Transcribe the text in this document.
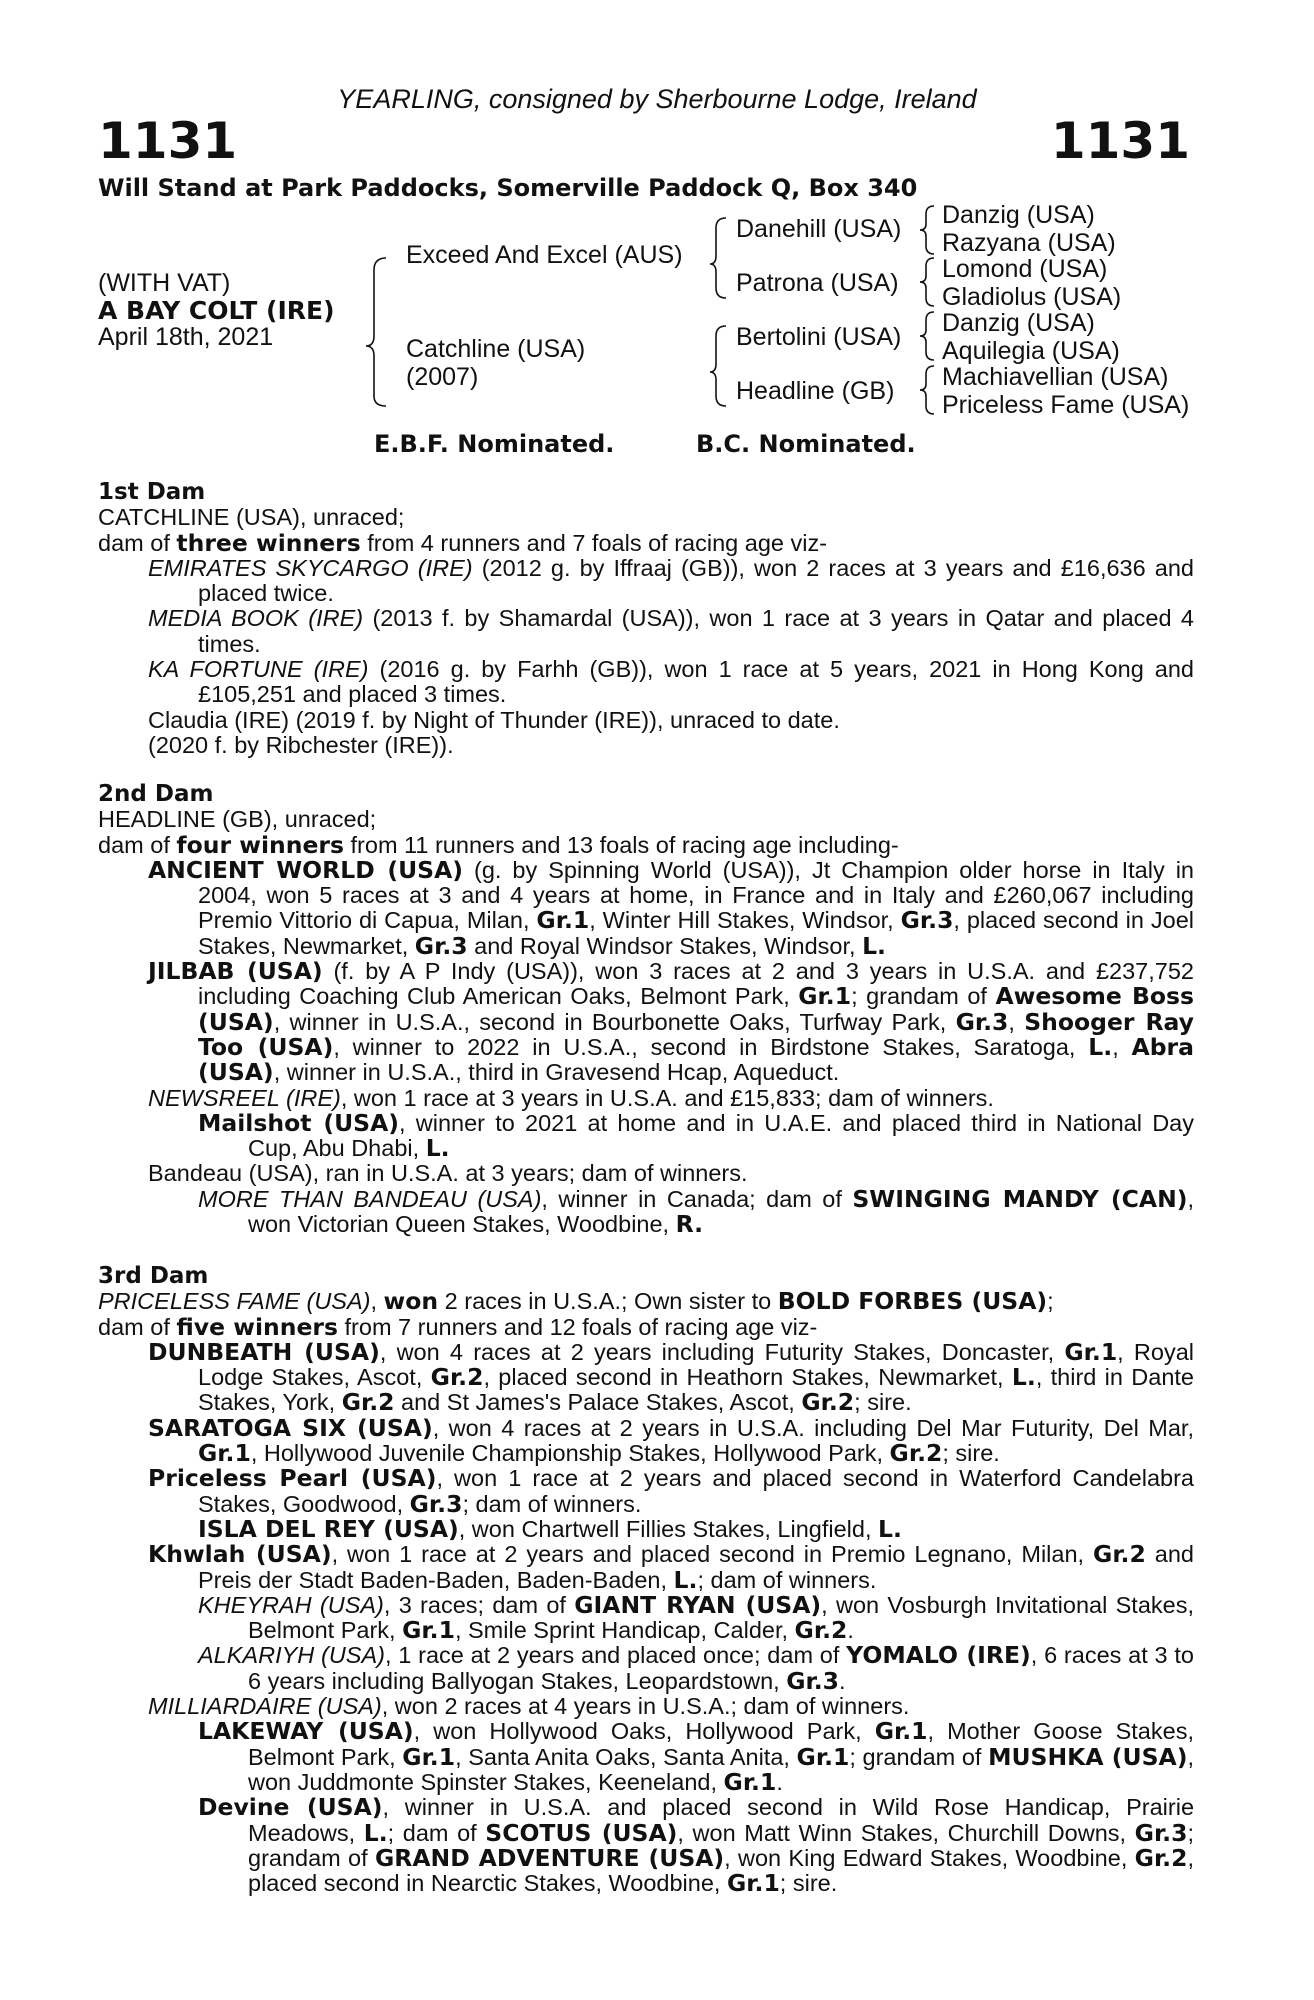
YEARLING, consigned by Sherbourne Lodge, Ireland
1131	1131
Will Stand at Park Paddocks, Somerville Paddock Q, Box 340
(WITH VAT)
A BAY COLT (IRE)
April 18th, 2021
Exceed And Excel (AUS)
Catchline (USA)
(2007)
Danehill (USA)
Patrona (USA)
Bertolini (USA)
Headline (GB)
Danzig (USA)
Razyana (USA)
Lomond (USA)
Gladiolus (USA)
Danzig (USA)
Aquilegia (USA)
Machiavellian (USA)
Priceless Fame (USA)
E.B.F. Nominated.	B.C. Nominated.
1st Dam

CATCHLINE (USA), unraced;

dam of three winners from 4 runners and 7 foals of racing age viz-

EMIRATES SKYCARGO (IRE) (2012 g. by Iffraaj (GB)), won 2 races at 3 years and £16,636 and placed twice.

MEDIA BOOK (IRE) (2013 f. by Shamardal (USA)), won 1 race at 3 years in Qatar and placed 4 times.

KA FORTUNE (IRE) (2016 g. by Farhh (GB)), won 1 race at 5 years, 2021 in Hong Kong and £105,251 and placed 3 times.

Claudia (IRE) (2019 f. by Night of Thunder (IRE)), unraced to date.

(2020 f. by Ribchester (IRE)).

2nd Dam

HEADLINE (GB), unraced;

dam of four winners from 11 runners and 13 foals of racing age including-

ANCIENT WORLD (USA) (g. by Spinning World (USA)), Jt Champion older horse in Italy in 2004, won 5 races at 3 and 4 years at home, in France and in Italy and £260,067 including Premio Vittorio di Capua, Milan, Gr.1, Winter Hill Stakes, Windsor, Gr.3, placed second in Joel Stakes, Newmarket, Gr.3 and Royal Windsor Stakes, Windsor, L.

JILBAB (USA) (f. by A P Indy (USA)), won 3 races at 2 and 3 years in U.S.A. and £237,752 including Coaching Club American Oaks, Belmont Park, Gr.1; grandam of Awesome Boss (USA), winner in U.S.A., second in Bourbonette Oaks, Turfway Park, Gr.3, Shooger Ray Too (USA), winner to 2022 in U.S.A., second in Birdstone Stakes, Saratoga, L., Abra (USA), winner in U.S.A., third in Gravesend Hcap, Aqueduct.

NEWSREEL (IRE), won 1 race at 3 years in U.S.A. and £15,833; dam of winners.

Mailshot (USA), winner to 2021 at home and in U.A.E. and placed third in National Day Cup, Abu Dhabi, L.

Bandeau (USA), ran in U.S.A. at 3 years; dam of winners.

MORE THAN BANDEAU (USA), winner in Canada; dam of SWINGING MANDY (CAN), won Victorian Queen Stakes, Woodbine, R.

3rd Dam

PRICELESS FAME (USA), won 2 races in U.S.A.; Own sister to BOLD FORBES (USA);

dam of five winners from 7 runners and 12 foals of racing age viz-

DUNBEATH (USA), won 4 races at 2 years including Futurity Stakes, Doncaster, Gr.1, Royal Lodge Stakes, Ascot, Gr.2, placed second in Heathorn Stakes, Newmarket, L., third in Dante Stakes, York, Gr.2 and St James's Palace Stakes, Ascot, Gr.2; sire.

SARATOGA SIX (USA), won 4 races at 2 years in U.S.A. including Del Mar Futurity, Del Mar, Gr.1, Hollywood Juvenile Championship Stakes, Hollywood Park, Gr.2; sire.

Priceless Pearl (USA), won 1 race at 2 years and placed second in Waterford Candelabra Stakes, Goodwood, Gr.3; dam of winners.

ISLA DEL REY (USA), won Chartwell Fillies Stakes, Lingfield, L.

Khwlah (USA), won 1 race at 2 years and placed second in Premio Legnano, Milan, Gr.2 and Preis der Stadt Baden-Baden, Baden-Baden, L.; dam of winners.

KHEYRAH (USA), 3 races; dam of GIANT RYAN (USA), won Vosburgh Invitational Stakes, Belmont Park, Gr.1, Smile Sprint Handicap, Calder, Gr.2.

ALKARIYH (USA), 1 race at 2 years and placed once; dam of YOMALO (IRE), 6 races at 3 to 6 years including Ballyogan Stakes, Leopardstown, Gr.3.

MILLIARDAIRE (USA), won 2 races at 4 years in U.S.A.; dam of winners.

LAKEWAY (USA), won Hollywood Oaks, Hollywood Park, Gr.1, Mother Goose Stakes, Belmont Park, Gr.1, Santa Anita Oaks, Santa Anita, Gr.1; grandam of MUSHKA (USA), won Juddmonte Spinster Stakes, Keeneland, Gr.1.

Devine (USA), winner in U.S.A. and placed second in Wild Rose Handicap, Prairie Meadows, L.; dam of SCOTUS (USA), won Matt Winn Stakes, Churchill Downs, Gr.3; grandam of GRAND ADVENTURE (USA), won King Edward Stakes, Woodbine, Gr.2, placed second in Nearctic Stakes, Woodbine, Gr.1; sire.
